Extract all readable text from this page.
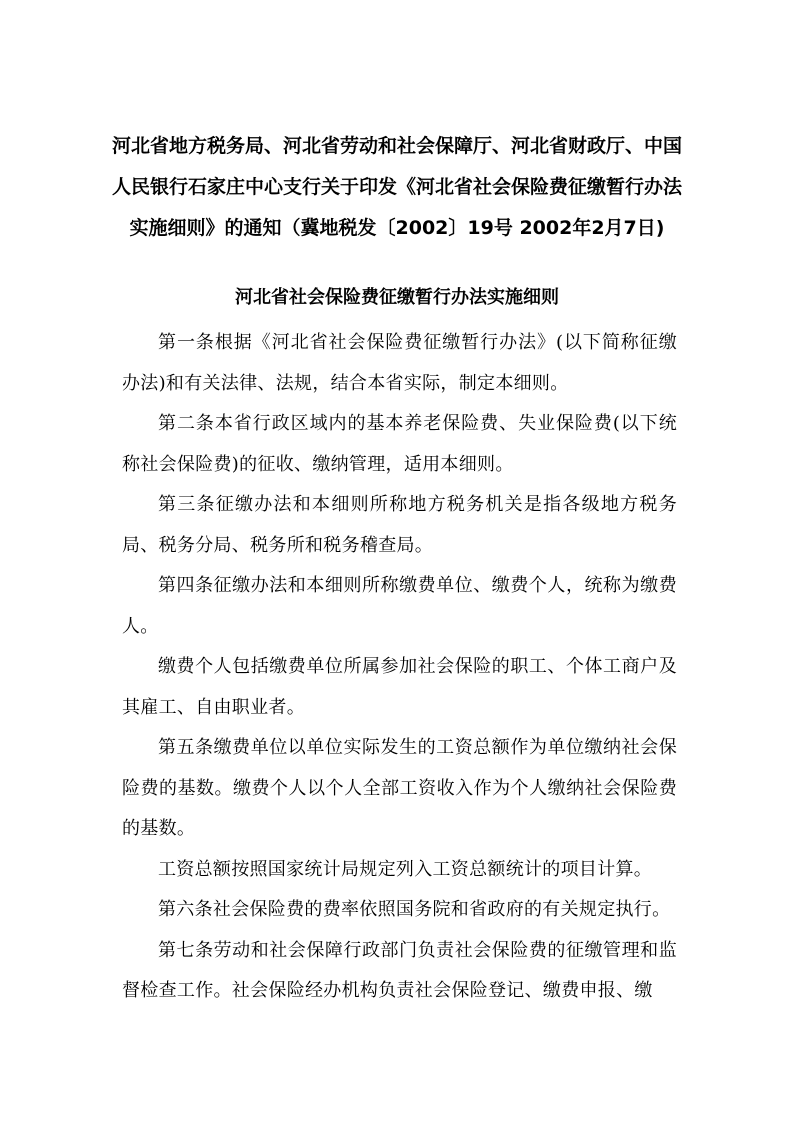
河北省地方税务局、河北省劳动和社会保障厅、河北省财政厅、中国人民银行石家庄中心支行关于印发《河北省社会保险费征缴暂行办法实施细则》的通知（冀地税发〔2002〕19号 2002年2月7日)
河北省社会保险费征缴暂行办法实施细则

第一条根据《河北省社会保险费征缴暂行办法》(以下简称征缴办法)和有关法律、法规，结合本省实际，制定本细则。

第二条本省行政区域内的基本养老保险费、失业保险费(以下统称社会保险费)的征收、缴纳管理，适用本细则。

第三条征缴办法和本细则所称地方税务机关是指各级地方税务局、税务分局、税务所和税务稽查局。

第四条征缴办法和本细则所称缴费单位、缴费个人，统称为缴费人。

缴费个人包括缴费单位所属参加社会保险的职工、个体工商户及其雇工、自由职业者。

第五条缴费单位以单位实际发生的工资总额作为单位缴纳社会保险费的基数。缴费个人以个人全部工资收入作为个人缴纳社会保险费的基数。

工资总额按照国家统计局规定列入工资总额统计的项目计算。

第六条社会保险费的费率依照国务院和省政府的有关规定执行。

第七条劳动和社会保障行政部门负责社会保险费的征缴管理和监督检查工作。社会保险经办机构负责社会保险登记、缴费申报、缴
